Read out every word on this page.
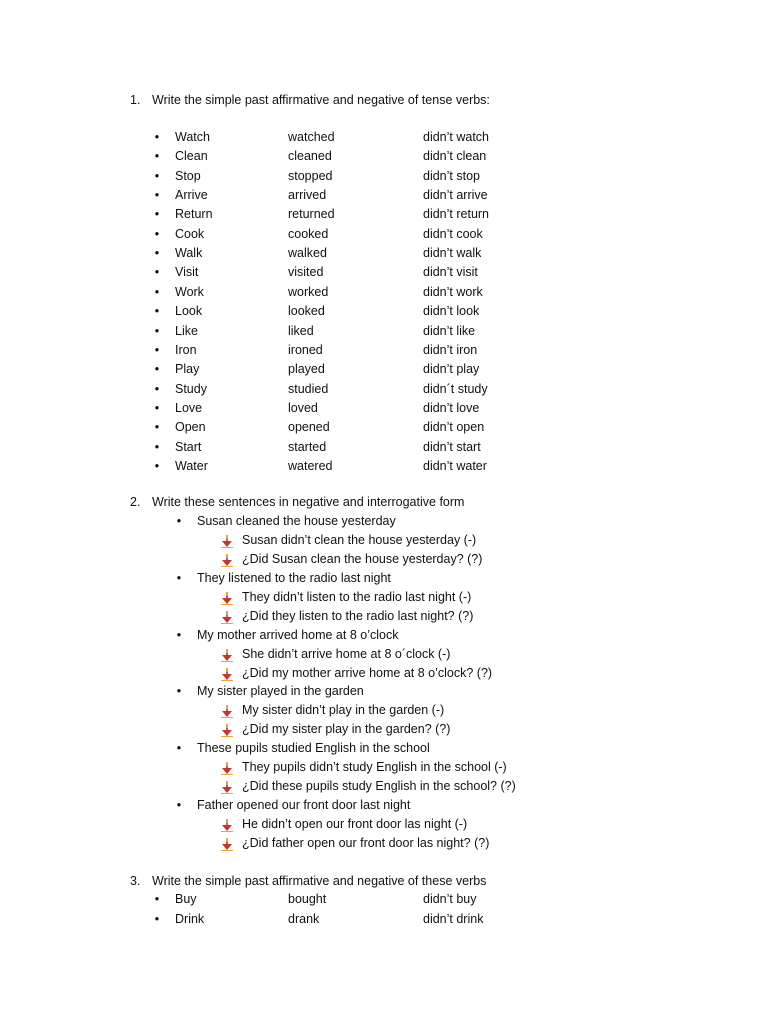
1. Write the simple past affirmative and negative of tense verbs:
• Watch	watched	didn’t watch
• Clean	cleaned	didn’t clean
• Stop	stopped	didn’t stop
• Arrive	arrived	didn’t arrive
• Return	returned	didn’t return
• Cook	cooked	didn’t cook
• Walk	walked	didn’t walk
• Visit	visited	didn’t visit
• Work	worked	didn’t work
• Look	looked	didn’t look
• Like	liked	didn’t like
• Iron	ironed	didn’t iron
• Play	played	didn’t play
• Study	studied	didn´t study
• Love	loved	didn’t love
• Open	opened	didn’t open
• Start	started	didn’t start
• Water	watered	didn’t water
2. Write these sentences in negative and interrogative form
• Susan cleaned the house yesterday
Susan didn’t clean the house yesterday (-)
¿Did Susan clean the house yesterday? (?)
• They listened to the radio last night
They didn’t listen to the radio last night (-)
¿Did they listen to the radio last night? (?)
• My mother arrived home at 8 o’clock
She didn’t arrive home at 8 o´clock (-)
¿Did my mother arrive home at 8 o’clock? (?)
• My sister played in the garden
My sister didn’t play in the garden (-)
¿Did my sister play in the garden? (?)
• These pupils studied English in the school
They pupils didn’t study English in the school (-)
¿Did these pupils study English in the school? (?)
• Father opened our front door last night
He didn’t open our front door las night (-)
¿Did father open our front door las night? (?)
3. Write the simple past affirmative and negative of these verbs
• Buy	bought	didn’t buy
• Drink	drank	didn’t drink
